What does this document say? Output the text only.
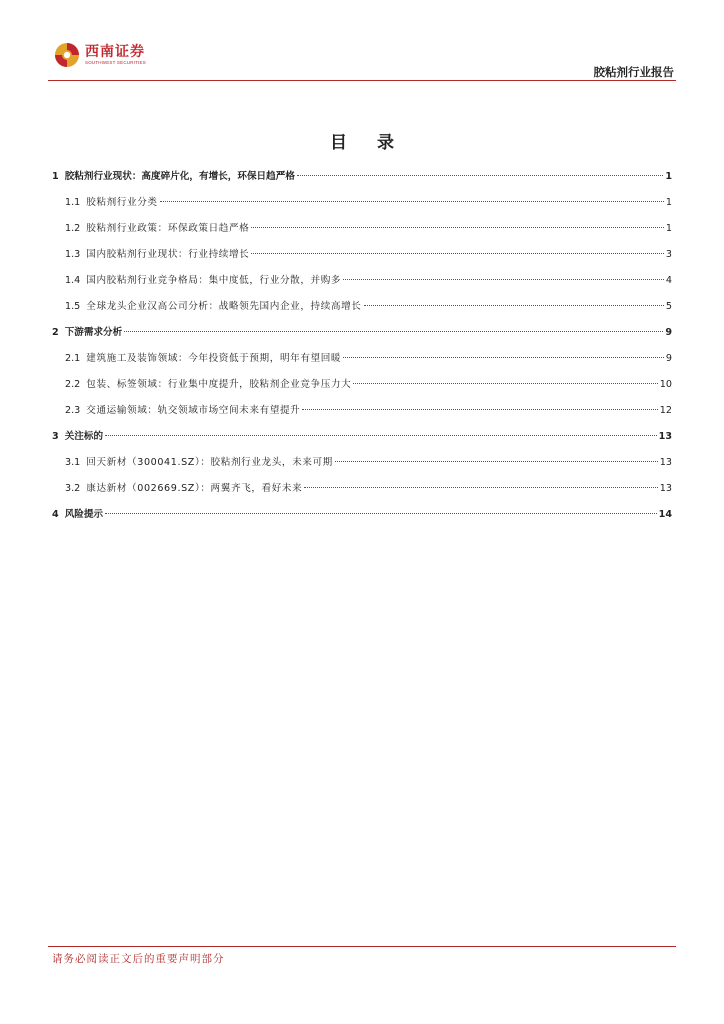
西南证券
SOUTHWEST SECURITIES
胶粘剂行业报告
目 录
1 胶粘剂行业现状：高度碎片化，有增长，环保日趋严格	1
1.1 胶粘剂行业分类	1
1.2 胶粘剂行业政策：环保政策日趋严格	1
1.3 国内胶粘剂行业现状：行业持续增长	3
1.4 国内胶粘剂行业竞争格局：集中度低，行业分散，并购多	4
1.5 全球龙头企业汉高公司分析：战略领先国内企业，持续高增长	5
2 下游需求分析	9
2.1 建筑施工及装饰领域：今年投资低于预期，明年有望回暖	9
2.2 包装、标签领域：行业集中度提升，胶粘剂企业竞争压力大	10
2.3 交通运输领域：轨交领域市场空间未来有望提升	12
3 关注标的	13
3.1 回天新材（300041.SZ）：胶粘剂行业龙头，未来可期	13
3.2 康达新材（002669.SZ）：两翼齐飞，看好未来	13
4 风险提示	14
请务必阅读正文后的重要声明部分
